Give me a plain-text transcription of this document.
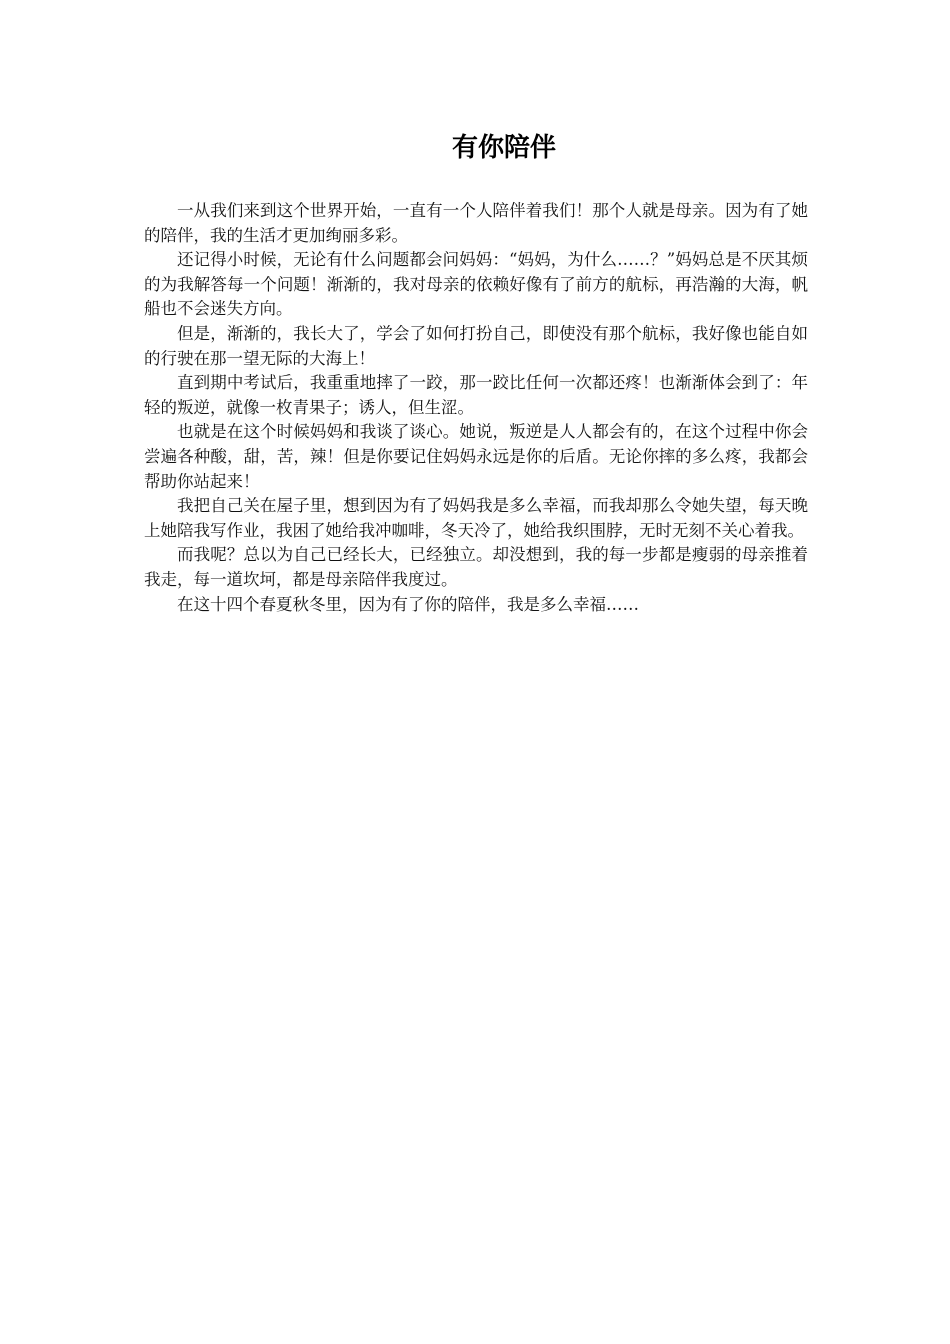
有你陪伴

一从我们来到这个世界开始，一直有一个人陪伴着我们！那个人就是母亲。因为有了她的陪伴，我的生活才更加绚丽多彩。

还记得小时候，无论有什么问题都会问妈妈：“妈妈，为什么……？”妈妈总是不厌其烦的为我解答每一个问题！渐渐的，我对母亲的依赖好像有了前方的航标，再浩瀚的大海，帆船也不会迷失方向。

但是，渐渐的，我长大了，学会了如何打扮自己，即使没有那个航标，我好像也能自如的行驶在那一望无际的大海上！

直到期中考试后，我重重地摔了一跤，那一跤比任何一次都还疼！也渐渐体会到了：年轻的叛逆，就像一枚青果子；诱人，但生涩。

也就是在这个时候妈妈和我谈了谈心。她说，叛逆是人人都会有的，在这个过程中你会尝遍各种酸，甜，苦，辣！但是你要记住妈妈永远是你的后盾。无论你摔的多么疼，我都会帮助你站起来！

我把自己关在屋子里，想到因为有了妈妈我是多么幸福，而我却那么令她失望，每天晚上她陪我写作业，我困了她给我冲咖啡，冬天冷了，她给我织围脖，无时无刻不关心着我。

而我呢？总以为自己已经长大，已经独立。却没想到，我的每一步都是瘦弱的母亲推着我走，每一道坎坷，都是母亲陪伴我度过。

在这十四个春夏秋冬里，因为有了你的陪伴，我是多么幸福……
